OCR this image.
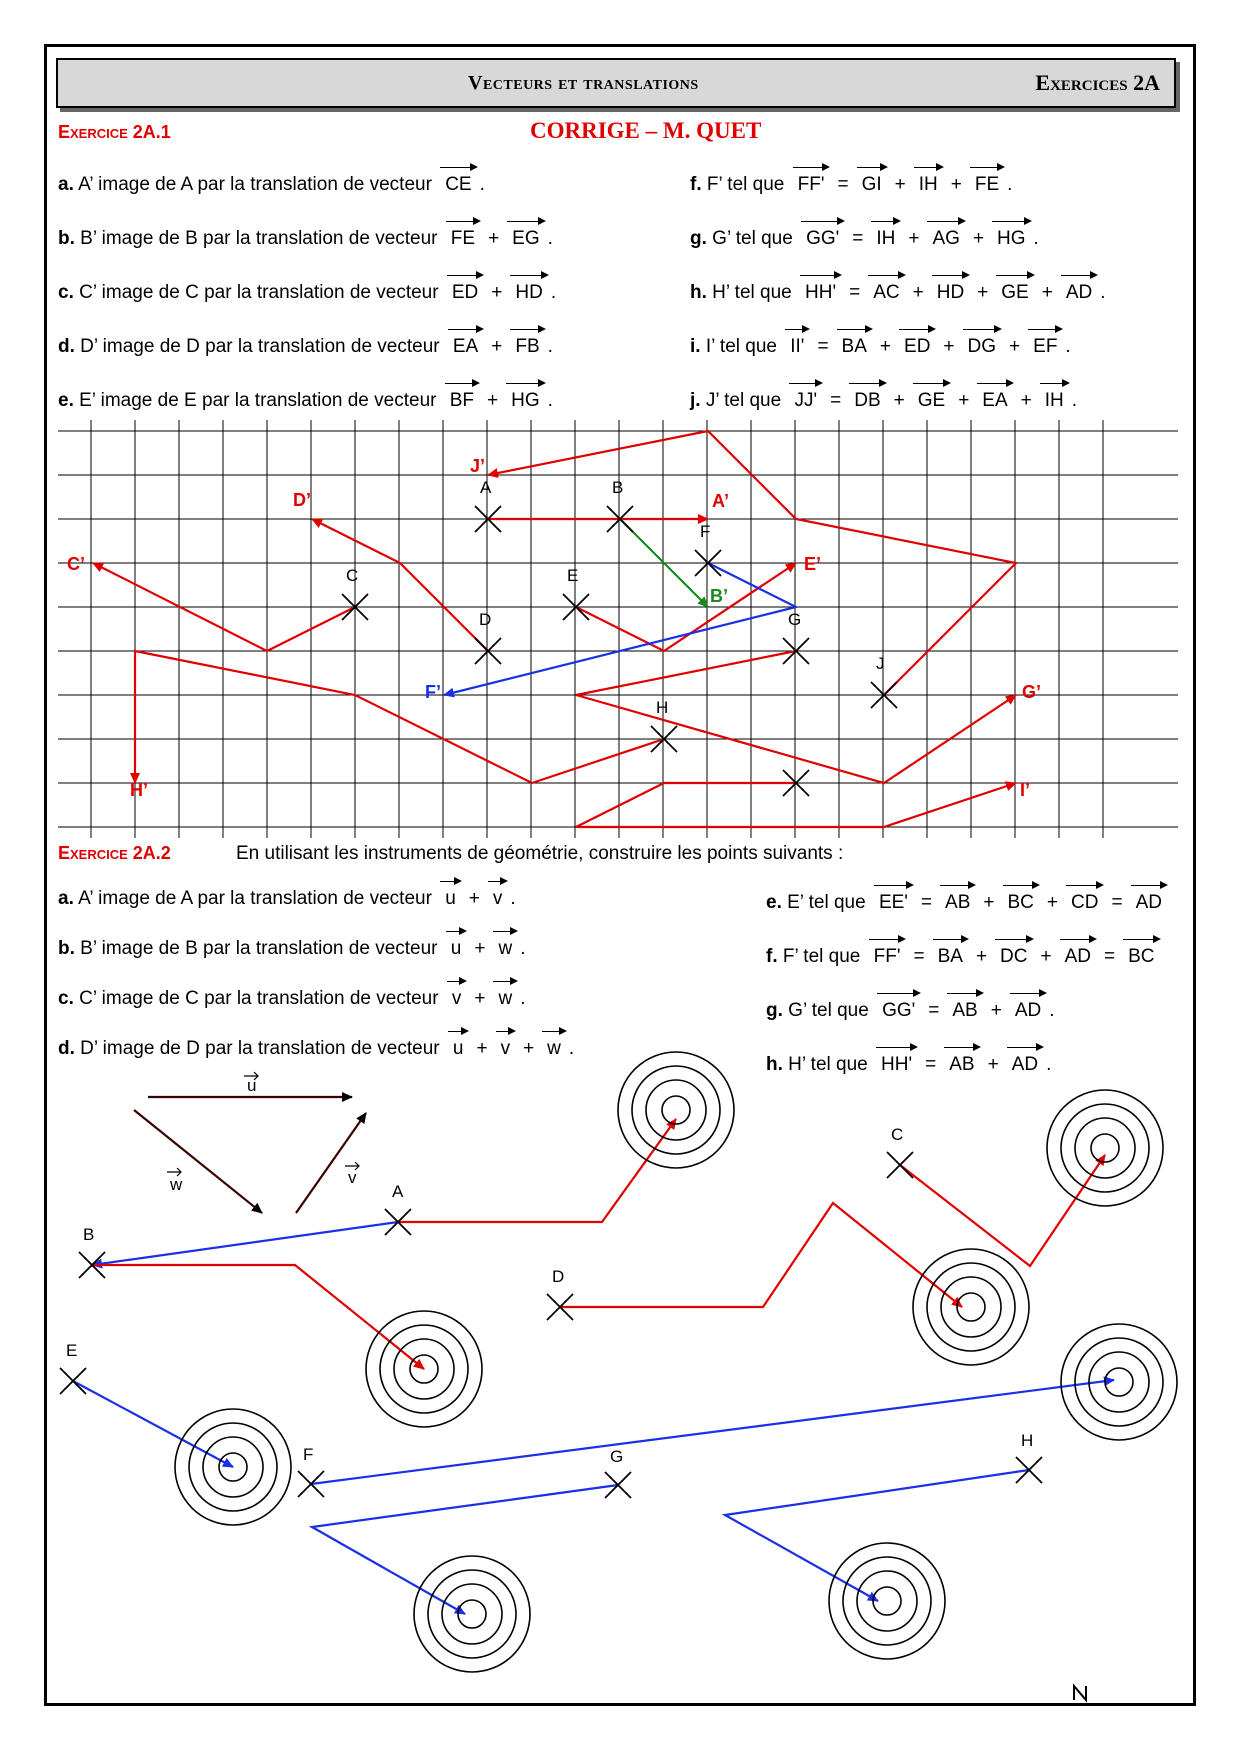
Vecteurs et translations	Exercices 2A
Exercice 2A.1	CORRIGE – M. QUET
a. A’ image de A par la translation de vecteur CE .
b. B’ image de B par la translation de vecteur FE + EG .
c. C’ image de C par la translation de vecteur ED + HD .
d. D’ image de D par la translation de vecteur EA + FB .
e. E’ image de E par la translation de vecteur BF + HG .
f. F’ tel que FF' = GI + IH + FE .
g. G’ tel que GG' = IH + AG + HG .
h. H’ tel que HH' = AC + HD + GE + AD .
i. I’ tel que II' = BA + ED + DG + EF .
j. J’ tel que JJ' = DB + GE + EA + IH .
Exercice 2A.2	En utilisant les instruments de géométrie, construire les points suivants :
a. A’ image de A par la translation de vecteur u + v .
b. B’ image de B par la translation de vecteur u + w .
c. C’ image de C par la translation de vecteur v + w .
d. D’ image de D par la translation de vecteur u + v + w .
e. E’ tel que EE' = AB + BC + CD = AD
f. F’ tel que FF' = BA + DC + AD = BC
g. G’ tel que GG' = AB + AD .
h. H’ tel que HH' = AB + AD .
A	B
C
D
E
F
G
H
J
A’
B’
C’
D’
E’
F’	G’
H’	I’
J’
u
v
w	A
B
C
D
E
F	G
H
